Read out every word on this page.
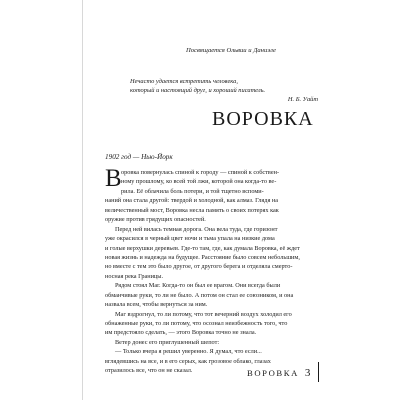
Посвящается Ольвии и Даниэле
Нечасто удается встретить человека,
который и настоящий друг, и хороший писатель.
Н. Б. Уайт
ВОРОВКА
1902 год — Нью-Йорк
В оровка повернулась спиной к городу — спиной к собствен-
ному прошлому, ко всей той лжи, которой она когда-то ве-
рила. Её облачила боль потери, и той тщетно вспоми-
наний она стала другой: твердой и холодной, как алмаз. Глядя на
величественный мост, Воровка несла память о своих потерях как
оружие против грядущих опасностей.
Перед ней вилась темная дорога. Она вела туда, где горизонт
уже окрасился в черный цвет ночи и тьма упала на низкие дома
и голые верхушки деревьев. Где-то там, где, как думала Воровка, её ждет
новая жизнь и надежда на будущее. Расстояние было совсем небольшим,
но вместе с тем это было другое, от другого берега и отделяла смерто-
носная река Границы.
Рядом стоял Маг. Когда-то он был ее врагом. Они всегда были
обманчивые руки, то ли не было. А потом он стал ее союзником, и она
назвала всем, чтобы вернуться за ним.
Маг вздрогнул, то ли потому, что тот вечерний воздух холодил его
обнаженные руки, то ли потому, что осознал неизбежность того, что
им предстояло сделать, — этого Воровка точно не знала.
Ветер донес его приглушенный шепот:
— Только вчера я решил уверенно. Я думал, что если...
вглядевшись на все, и в его серых, как грозовое облако, глазах
отразилось все, что он не сказал.	ВОРОВКА 3
